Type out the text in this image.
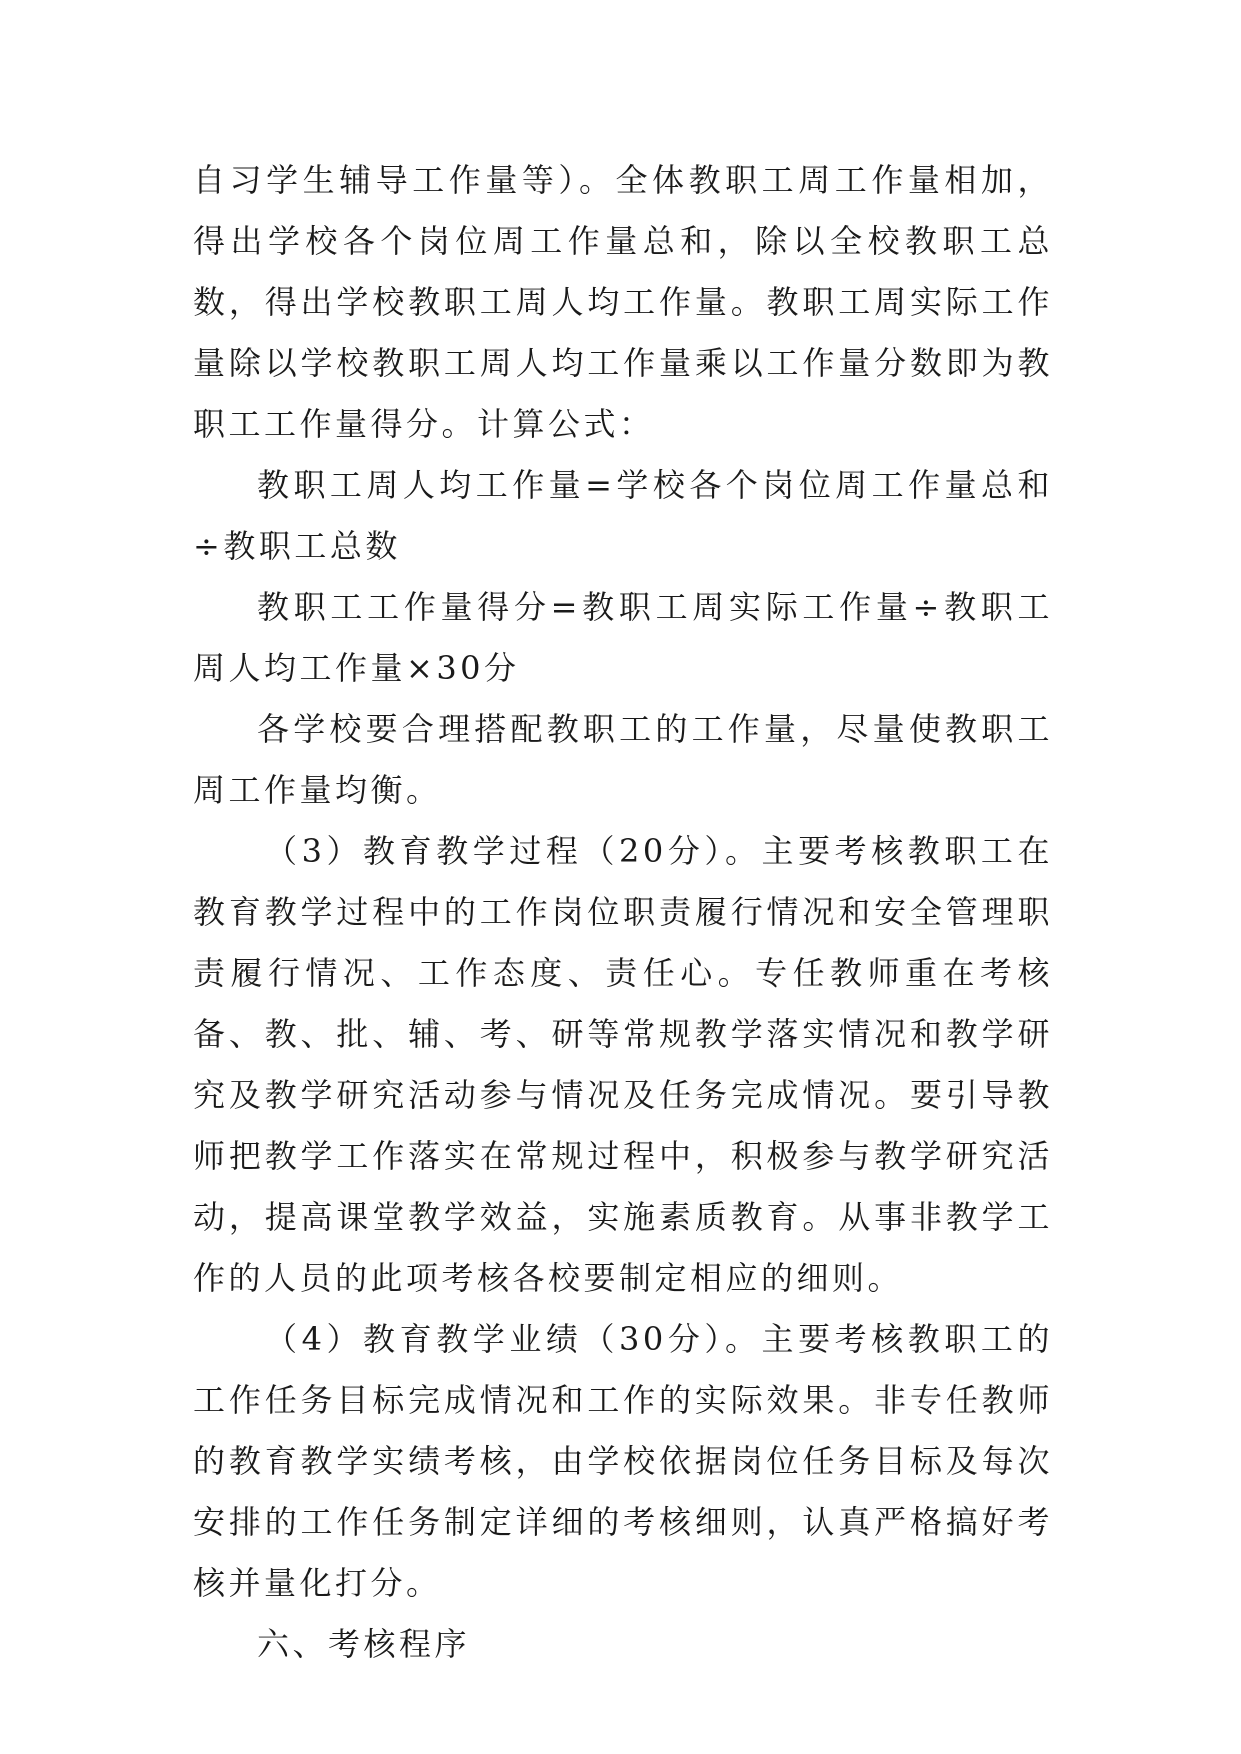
自习学生辅导工作量等）。全体教职工周工作量相加，得出学校各个岗位周工作量总和，除以全校教职工总数，得出学校教职工周人均工作量。教职工周实际工作量除以学校教职工周人均工作量乘以工作量分数即为教职工工作量得分。计算公式：

教职工周人均工作量=学校各个岗位周工作量总和÷教职工总数

教职工工作量得分=教职工周实际工作量÷教职工周人均工作量×30分

各学校要合理搭配教职工的工作量，尽量使教职工周工作量均衡。

（3）教育教学过程（20分）。主要考核教职工在教育教学过程中的工作岗位职责履行情况和安全管理职责履行情况、工作态度、责任心。专任教师重在考核备、教、批、辅、考、研等常规教学落实情况和教学研究及教学研究活动参与情况及任务完成情况。要引导教师把教学工作落实在常规过程中，积极参与教学研究活动，提高课堂教学效益，实施素质教育。从事非教学工作的人员的此项考核各校要制定相应的细则。

（4）教育教学业绩（30分）。主要考核教职工的工作任务目标完成情况和工作的实际效果。非专任教师的教育教学实绩考核，由学校依据岗位任务目标及每次安排的工作任务制定详细的考核细则，认真严格搞好考核并量化打分。

六、考核程序
